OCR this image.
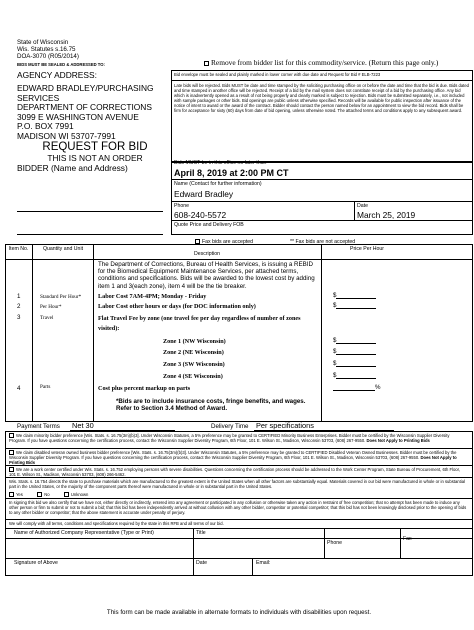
State of Wisconsin
Wis. Statutes s.16.75
DOA-3070 (R05/2014)
BIDS MUST BE SEALED & ADDRESSED TO:
AGENCY ADDRESS:

EDWARD BRADLEY/PURCHASING

SERVICES

DEPARTMENT OF CORRECTIONS

3099 E WASHINGTON AVENUE

P.O. BOX 7991

MADISON WI 53707-7991

REQUEST FOR BID
THIS IS NOT AN ORDER
BIDDER (Name and Address)
Remove from bidder list for this commodity/service. (Return this page only.)
Bid envelope must be sealed and plainly marked in lower corner with due date and Request for Bid # ELB-7223
Late bids will be rejected. Bids MUST be date and time stamped by the soliciting purchasing office on or before the date and time that the bid is due. Bids dated and time stamped in another office will be rejected. Receipt of a bid by the mail system does not constitute receipt of a bid by the purchasing office. Any bid which is inadvertently opened as a result of not being properly and clearly marked is subject to rejection. Bids must be submitted separately, i.e., not included with sample packages or other bids. Bid openings are public unless otherwise specified. Records will be available for public inspection after issuance of the notice of intent to award or the award of the contract. Bidder should contact the person named below for an appointment to view the bid record. Bids shall be firm for acceptance for sixty (60) days from date of bid opening, unless otherwise noted. The attached terms and conditions apply to any subsequent award.
Bids MUST be in this office no later than
April 8, 2019 at 2:00 PM CT
Name (Contact for further information)
Edward Bradley
Phone
608-240-5572
Date
March 25, 2019
Quote Price and Delivery FOB
Fax bids are accepted	** Fax bids are not accepted
Item No.	Quantity and Unit
Description
Price Per Hour
The Department of Corrections, Bureau of Health Services, is issuing a REBID for the Biomedical Equipment Maintenance Services, per attached terms, conditions and specifications. Bids will be awarded to the lowest cost by adding item 1 and 3(each zone), item 4 will be the tie breaker.
1	Standard Per Hour*	Labor Cost 7AM-4PM; Monday - Friday	$
2	Per Hour*	Labor Cost other hours or days (for DOC information only)	$
3	Travel	Flat Travel Fee by zone (one travel fee per day regardless of number of zones visited):
Zone 1 (NW Wisconsin)	$
Zone 2 (NE Wisconsin)	$
Zone 3 (SW Wisconsin)	$
Zone 4 (SE Wisconsin)	$
4	Parts	Cost plus percent markup on parts	%
*Bids are to include insurance costs, fringe benefits, and wages. Refer to Section 3.4 Method of Award.
Payment Terms Net 30	Delivery Time Per specifications
We claim minority bidder preference [Wis. Stats. s. 16.75(3m)(b)3]. Under Wisconsin Statutes, a 5% preference may be granted to CERTIFIED Minority Business Enterprises. Bidder must be certified by the Wisconsin Supplier Diversity Program. If you have questions concerning the certification process, contact the Wisconsin Supplier Diversity Program, 6th Floor, 101 E. Wilson St., Madison, Wisconsin 53703, (608) 267-9550. Does Not Apply to Printing Bids
We claim disabled veteran owned business bidder preference [Wis. Stats. s. 16.75(3m)(b)3]. Under Wisconsin Statutes, a 5% preference may be granted to CERTIFIED Disabled Veteran Owned Businesses. Bidder must be certified by the Wisconsin Supplier Diversity Program. If you have questions concerning the certification process, contact the Wisconsin Supplier Diversity Program, 6th Floor, 101 E. Wilson St., Madison, Wisconsin 53703, (608) 267-9550. Does Not Apply to Printing Bids
We are a work center certified under Wis. Stats. s. 16.752 employing persons with severe disabilities. Questions concerning the certification process should be addressed to the Work Center Program, State Bureau of Procurement, 6th Floor, 101 E. Wilson St., Madison, Wisconsin 53703, (608) 266-5462.
Wis. Stats. s. 16.754 directs the state to purchase materials which are manufactured to the greatest extent in the United States when all other factors are substantially equal. Materials covered in our bid were manufactured in whole or in substantial part in the United States, or the majority of the component parts thereof were manufactured in whole or in substantial part in the United States.
Yes	No	Unknown
In signing this bid we also certify that we have not, either directly or indirectly, entered into any agreement or participated in any collusion or otherwise taken any action in restraint of free competition; that no attempt has been made to induce any other person or firm to submit or not to submit a bid; that this bid has been independently arrived at without collusion with any other bidder, competitor or potential competitor; that this bid has not been knowingly disclosed prior to the opening of bids to any other bidder or competitor; that the above statement is accurate under penalty of perjury.
We will comply with all terms, conditions and specifications required by the state in this RFB and all terms of our bid.
Name of Authorized Company Representative (Type or Print)	Title
Phone
Fax
Signature of Above	Date	Email:
This form can be made available in alternate formats to individuals with disabilities upon request.
